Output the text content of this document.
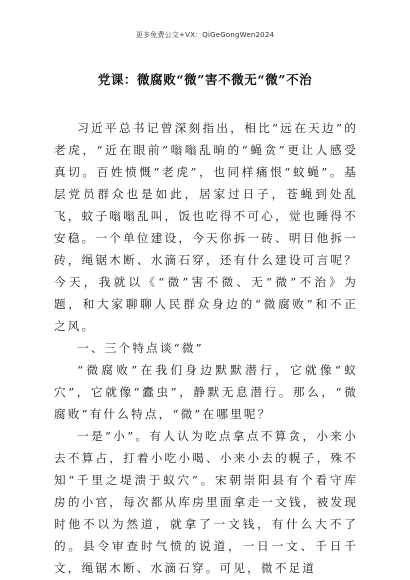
更多免费公文+VX：QiGeGongWen2024
党课：微腐败“微”害不微无“微”不治

习近平总书记曾深刻指出，相比“远在天边”的老虎，“近在眼前”嗡嗡乱晌的“蝇贪”更让人感受真切。百姓愤慨“老虎”，也同样痛恨“蚊蝇”。基层党员群众也是如此，居家过日子，苍蝇到处乱飞，蚊子嗡嗡乱叫，饭也吃得不可心，觉也睡得不安稳。一个单位建设，今天你拆一砖、明日他拆一砖，绳锯木断、水滴石穿，还有什么建设可言呢？今天，我就以《“微”害不微、无“微”不治》为题，和大家聊聊人民群众身边的“微腐败”和不正之风。

一、三个特点谈“微”

“微腐败”在我们身边默默潜行，它就像“蚁穴”，它就像“蠹虫”，静默无息潜行。那么，“微腐败”有什么特点，“微”在哪里呢？

一是“小”。有人认为吃点拿点不算贪，小来小去不算占，打着小吃小喝、小来小去的幌子，殊不知“千里之堤溃于蚁穴”。宋朝崇阳县有个看守库房的小官，每次都从库房里面拿走一文钱，被发现时他不以为然道，就拿了一文钱，有什么大不了的。县令审查时气愤的说道，一日一文、千日千文，绳锯木断、水滴石穿。可见，微不足道
